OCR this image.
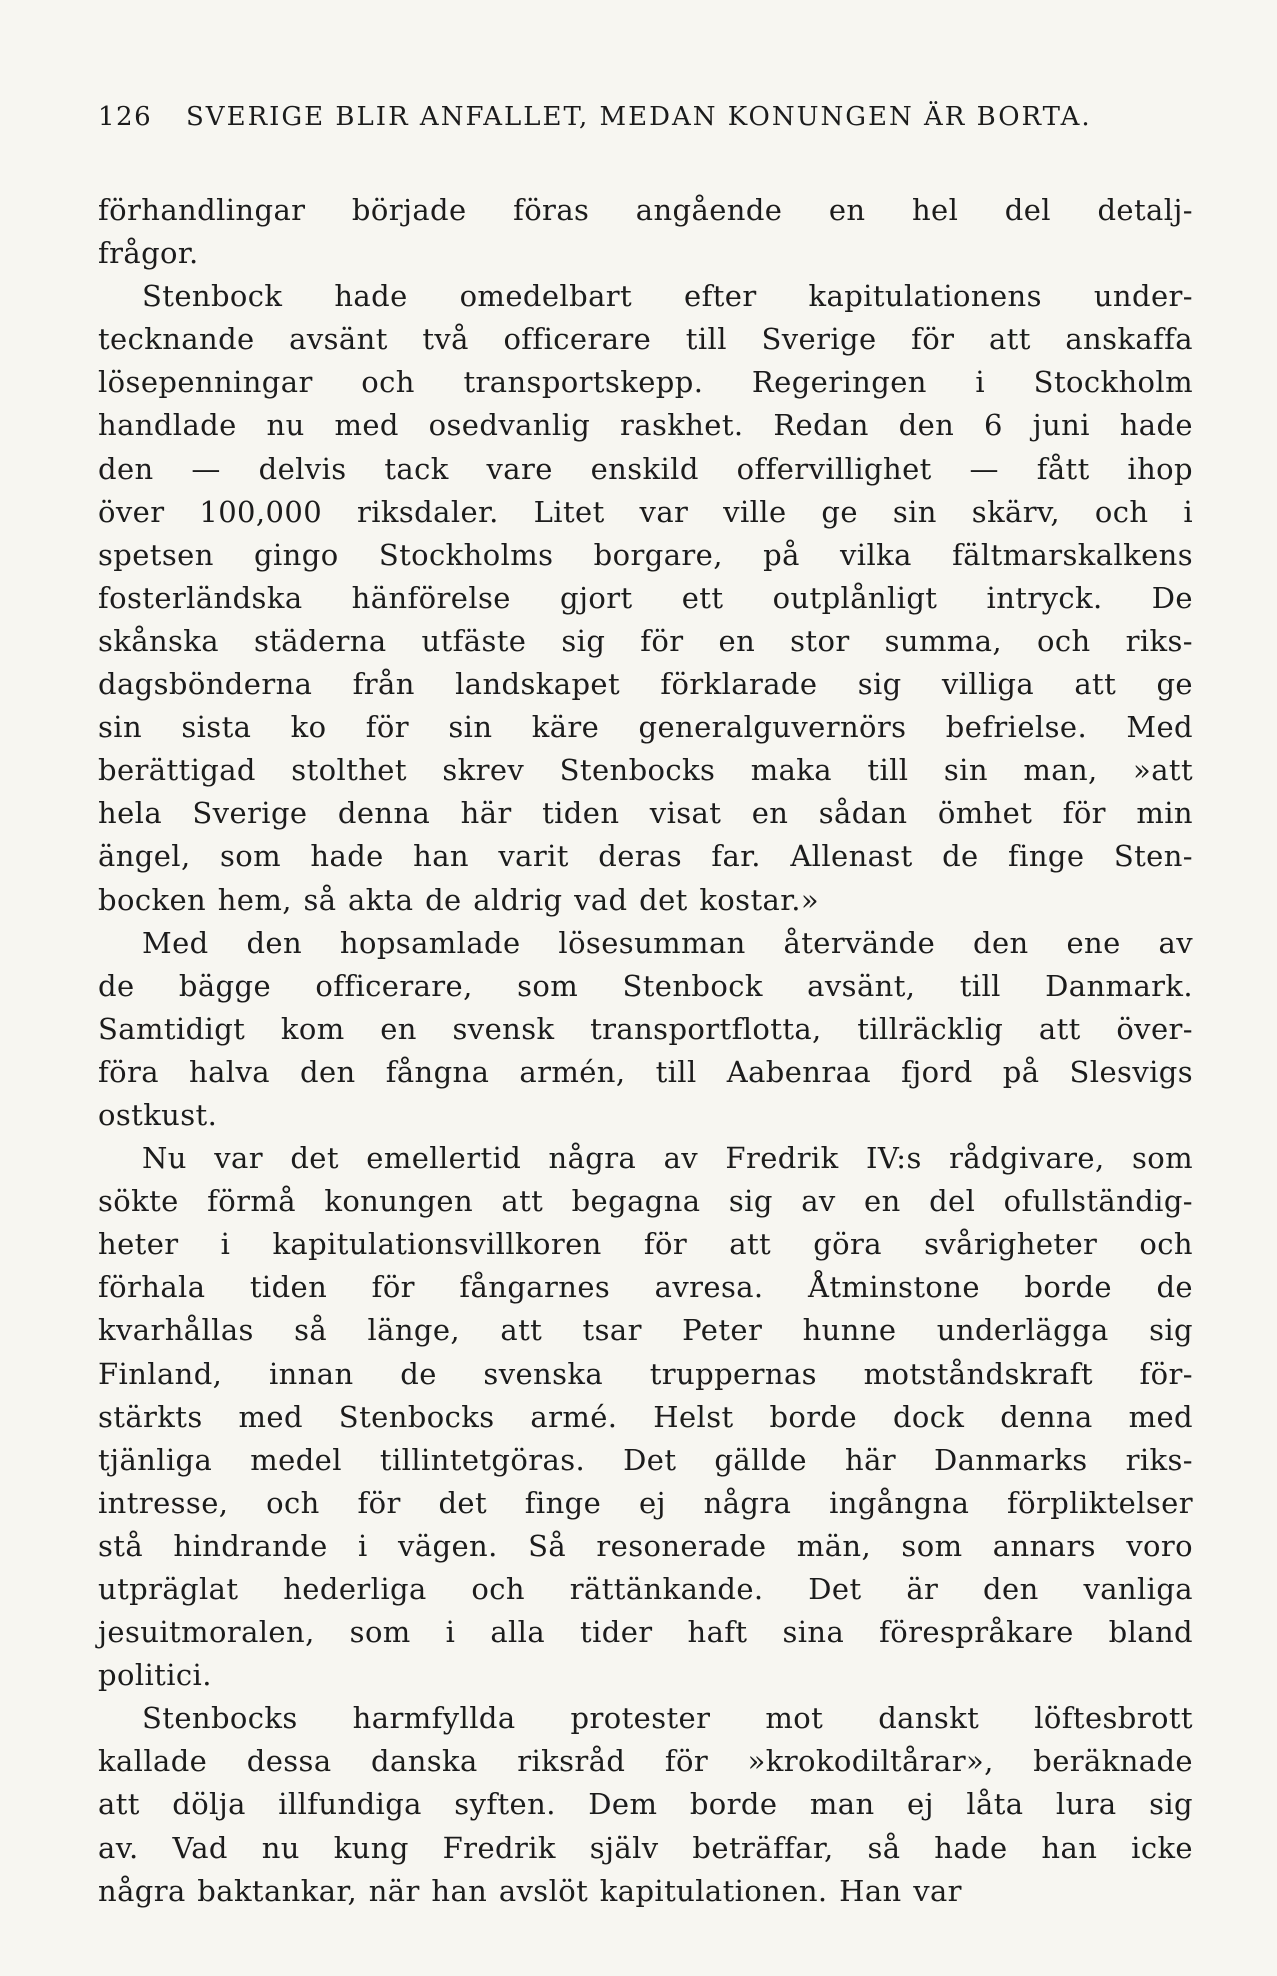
126 SVERIGE BLIR ANFALLET, MEDAN KONUNGEN ÄR BORTA.
förhandlingar började föras angående en hel del detalj-
frågor.
Stenbock hade omedelbart efter kapitulationens under-
tecknande avsänt två officerare till Sverige för att anskaffa
lösepenningar och transportskepp. Regeringen i Stockholm
handlade nu med osedvanlig raskhet. Redan den 6 juni hade
den — delvis tack vare enskild offervillighet — fått ihop
över 100,000 riksdaler. Litet var ville ge sin skärv, och i
spetsen gingo Stockholms borgare, på vilka fältmarskalkens
fosterländska hänförelse gjort ett outplånligt intryck. De
skånska städerna utfäste sig för en stor summa, och riks-
dagsbönderna från landskapet förklarade sig villiga att ge
sin sista ko för sin käre generalguvernörs befrielse. Med
berättigad stolthet skrev Stenbocks maka till sin man, »att
hela Sverige denna här tiden visat en sådan ömhet för min
ängel, som hade han varit deras far. Allenast de finge Sten-
bocken hem, så akta de aldrig vad det kostar.»
Med den hopsamlade lösesumman återvände den ene av
de bägge officerare, som Stenbock avsänt, till Danmark.
Samtidigt kom en svensk transportflotta, tillräcklig att över-
föra halva den fångna armén, till Aabenraa fjord på Slesvigs
ostkust.
Nu var det emellertid några av Fredrik IV:s rådgivare, som
sökte förmå konungen att begagna sig av en del ofullständig-
heter i kapitulationsvillkoren för att göra svårigheter och
förhala tiden för fångarnes avresa. Åtminstone borde de
kvarhållas så länge, att tsar Peter hunne underlägga sig
Finland, innan de svenska truppernas motståndskraft för-
stärkts med Stenbocks armé. Helst borde dock denna med
tjänliga medel tillintetgöras. Det gällde här Danmarks riks-
intresse, och för det finge ej några ingångna förpliktelser
stå hindrande i vägen. Så resonerade män, som annars voro
utpräglat hederliga och rättänkande. Det är den vanliga
jesuitmoralen, som i alla tider haft sina förespråkare bland
politici.
Stenbocks harmfyllda protester mot danskt löftesbrott
kallade dessa danska riksråd för »krokodiltårar», beräknade
att dölja illfundiga syften. Dem borde man ej låta lura sig
av. Vad nu kung Fredrik själv beträffar, så hade han icke
några baktankar, när han avslöt kapitulationen. Han var
